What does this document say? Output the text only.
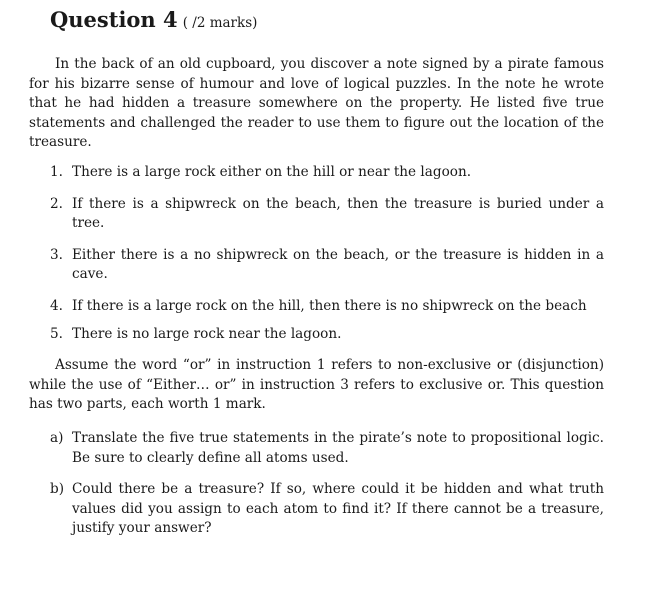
Question 4 ( /2 marks)

In the back of an old cupboard, you discover a note signed by a pirate famous for his bizarre sense of humour and love of logical puzzles. In the note he wrote that he had hidden a treasure somewhere on the property. He listed five true statements and challenged the reader to use them to figure out the location of the treasure.

1. There is a large rock either on the hill or near the lagoon.
2. If there is a shipwreck on the beach, then the treasure is buried under a tree.
3. Either there is a no shipwreck on the beach, or the treasure is hidden in a cave.
4. If there is a large rock on the hill, then there is no shipwreck on the beach
5. There is no large rock near the lagoon.

Assume the word “or” in instruction 1 refers to non-exclusive or (disjunction) while the use of “Either… or” in instruction 3 refers to exclusive or. This question has two parts, each worth 1 mark.

a) Translate the five true statements in the pirate’s note to propositional logic. Be sure to clearly define all atoms used.
b) Could there be a treasure? If so, where could it be hidden and what truth values did you assign to each atom to find it? If there cannot be a treasure, justify your answer?
